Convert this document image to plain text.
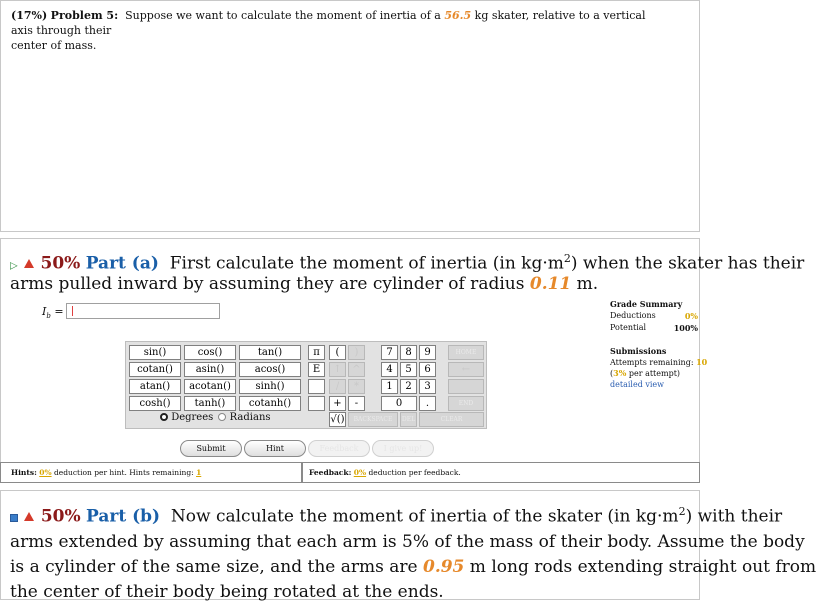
(17%) Problem 5: Suppose we want to calculate the moment of inertia of a 56.5 kg skater, relative to a vertical axis through their
center of mass.
▷ ! 50% Part (a) First calculate the moment of inertia (in $kg\cdot m^2$) when the skater has their
arms pulled inward by assuming they are cylinder of radius 0.11 m.
$I_b$ =
Grade Summary
Deductions	0%
Potential	100%
Submissions
Attempts remaining: 10
(3% per attempt)
detailed view
sin()	cos()	tan()
cotan()	asin()	acos()
atan()	acotan()	sinh()
cosh()	tanh()	cotanh()
Degrees Radians
π	(	)
E	↑	^
/	*
+	-
√()	BACKSPACE	DEL
7	8	9
4	5	6
1	2	3
0	.
HOME
←
END
CLEAR
Submit	Hint	Feedback	I give up!
Hints: 0% deduction per hint. Hints remaining: 1	Feedback: 0% deduction per feedback.

! 50% Part (b) Now calculate the moment of inertia of the skater (in $kg\cdot m^2$) with their
arms extended by assuming that each arm is 5% of the mass of their body. Assume the body
is a cylinder of the same size, and the arms are 0.95 m long rods extending straight out from
the center of their body being rotated at the ends.
